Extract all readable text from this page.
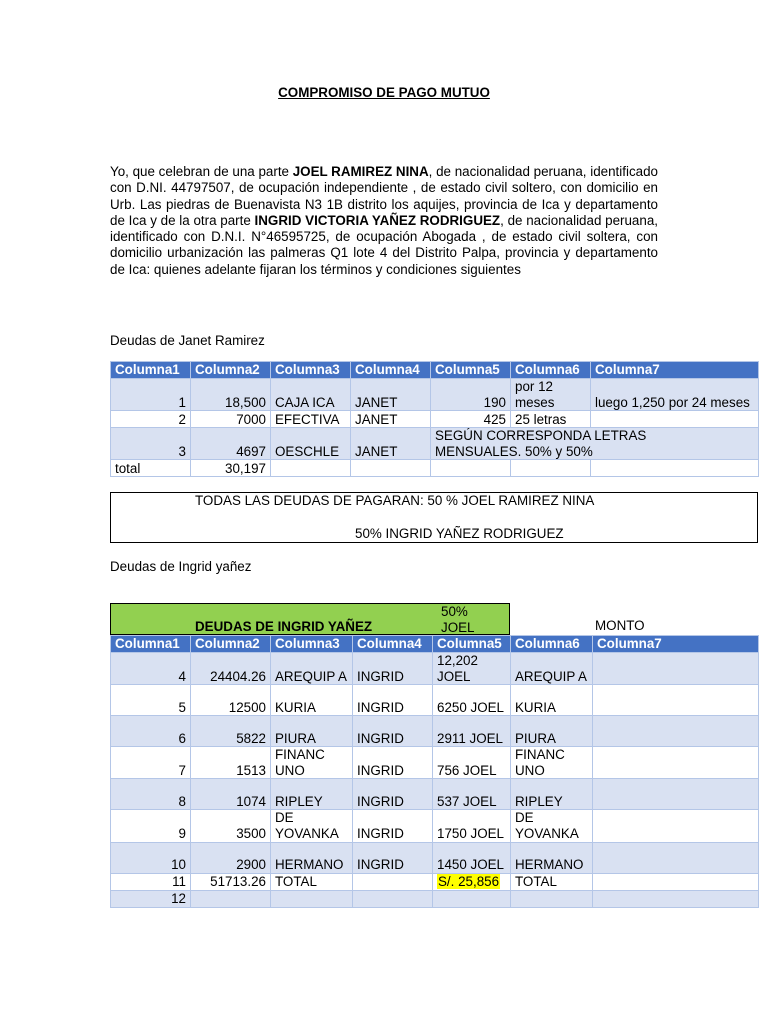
COMPROMISO DE PAGO MUTUO
Yo, que celebran de una parte JOEL RAMIREZ NINA, de nacionalidad peruana, identificado con D.NI. 44797507, de ocupación independiente , de estado civil soltero, con domicilio en Urb. Las piedras de Buenavista N3 1B distrito los aquijes, provincia de Ica y departamento de Ica y de la otra parte INGRID VICTORIA YAÑEZ RODRIGUEZ, de nacionalidad peruana, identificado con D.N.I. N°46595725, de ocupación Abogada , de estado civil soltera, con domicilio urbanización las palmeras Q1 lote 4 del Distrito Palpa, provincia y departamento de Ica: quienes adelante fijaran los términos y condiciones siguientes
Deudas de Janet Ramirez
Columna1	Columna2	Columna3	Columna4	Columna5	Columna6	Columna7
1	18,500	CAJA ICA	JANET	190	por 12 meses	luego 1,250 por 24 meses
2	7000	EFECTIVA	JANET	425	25 letras	
3	4697	OESCHLE	JANET	SEGÚN CORRESPONDA LETRAS MENSUALES. 50% y 50%		
total	30,197					
TODAS LAS DEUDAS DE PAGARAN: 50 % JOEL RAMIREZ NINA
50% INGRID YAÑEZ RODRIGUEZ
Deudas de Ingrid yañez
DEUDAS DE INGRID YAÑEZ
50% JOEL	MONTO
Columna1	Columna2	Columna3	Columna4	Columna5	Columna6	Columna7
4	24404.26	AREQUIP A	INGRID	12,202 JOEL	AREQUIP A	
5	12500	KURIA	INGRID	6250 JOEL	KURIA	
6	5822	PIURA	INGRID	2911 JOEL	PIURA	
7	1513	FINANC UNO	INGRID	756 JOEL	FINANC UNO	
8	1074	RIPLEY	INGRID	537 JOEL	RIPLEY	
9	3500	DE YOVANKA	INGRID	1750 JOEL	DE YOVANKA	
10	2900	HERMANO	INGRID	1450 JOEL	HERMANO	
11	51713.26	TOTAL		S/. 25,856	TOTAL	
12						
